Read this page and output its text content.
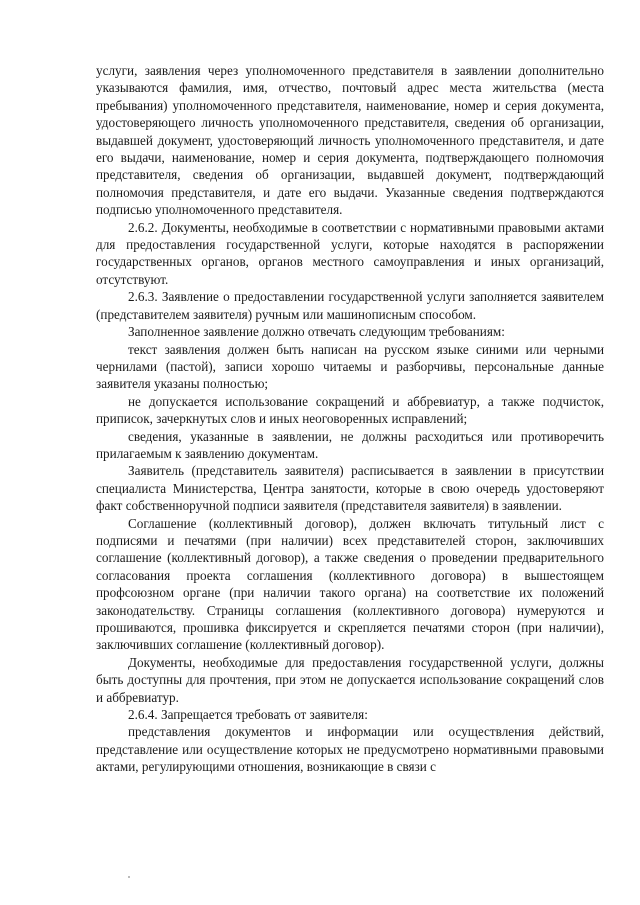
услуги, заявления через уполномоченного представителя в заявлении дополнительно указываются фамилия, имя, отчество, почтовый адрес места жительства (места пребывания) уполномоченного представителя, наименование, номер и серия документа, удостоверяющего личность уполномоченного представителя, сведения об организации, выдавшей документ, удостоверяющий личность уполномоченного представителя, и дате его выдачи, наименование, номер и серия документа, подтверждающего полномочия представителя, сведения об организации, выдавшей документ, подтверждающий полномочия представителя, и дате его выдачи. Указанные сведения подтверждаются подписью уполномоченного представителя.

2.6.2. Документы, необходимые в соответствии с нормативными правовыми актами для предоставления государственной услуги, которые находятся в распоряжении государственных органов, органов местного самоуправления и иных организаций, отсутствуют.

2.6.3. Заявление о предоставлении государственной услуги заполняется заявителем (представителем заявителя) ручным или машинописным способом.

Заполненное заявление должно отвечать следующим требованиям:

текст заявления должен быть написан на русском языке синими или черными чернилами (пастой), записи хорошо читаемы и разборчивы, персональные данные заявителя указаны полностью;

не допускается использование сокращений и аббревиатур, а также подчисток, приписок, зачеркнутых слов и иных неоговоренных исправлений;

сведения, указанные в заявлении, не должны расходиться или противоречить прилагаемым к заявлению документам.

Заявитель (представитель заявителя) расписывается в заявлении в присутствии специалиста Министерства, Центра занятости, которые в свою очередь удостоверяют факт собственноручной подписи заявителя (представителя заявителя) в заявлении.

Соглашение (коллективный договор), должен включать титульный лист с подписями и печатями (при наличии) всех представителей сторон, заключивших соглашение (коллективный договор), а также сведения о проведении предварительного согласования проекта соглашения (коллективного договора) в вышестоящем профсоюзном органе (при наличии такого органа) на соответствие их положений законодательству. Страницы соглашения (коллективного договора) нумеруются и прошиваются, прошивка фиксируется и скрепляется печатями сторон (при наличии), заключивших соглашение (коллективный договор).

Документы, необходимые для предоставления государственной услуги, должны быть доступны для прочтения, при этом не допускается использование сокращений слов и аббревиатур.

2.6.4. Запрещается требовать от заявителя:

представления документов и информации или осуществления действий, представление или осуществление которых не предусмотрено нормативными правовыми актами, регулирующими отношения, возникающие в связи с
